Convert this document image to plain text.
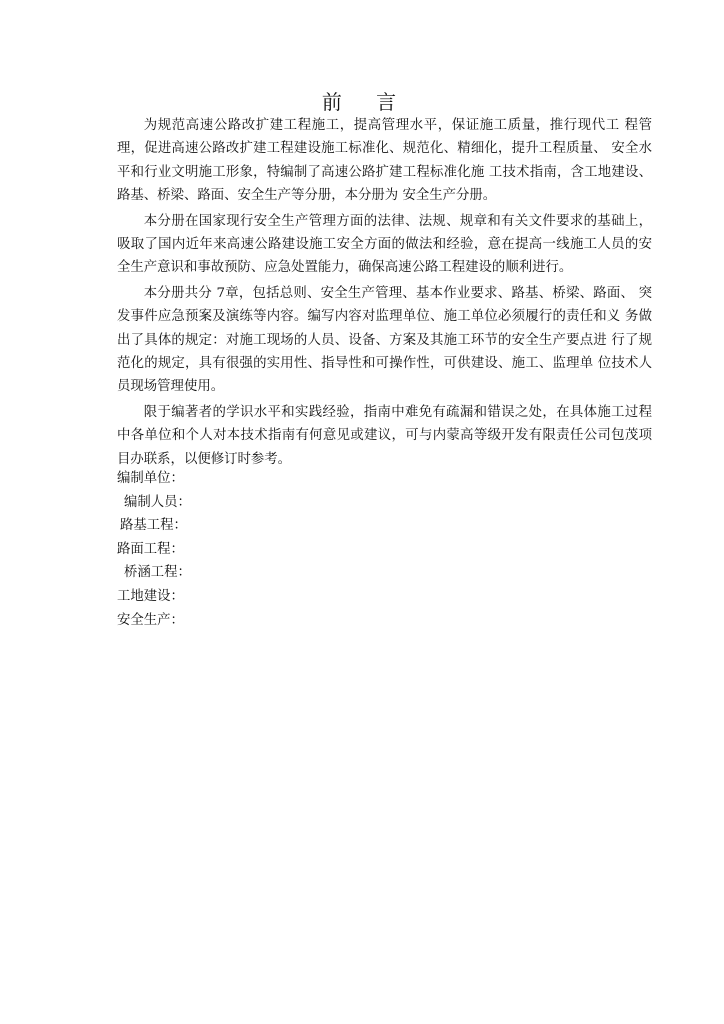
前 言

为规范高速公路改扩建工程施工，提高管理水平，保证施工质量，推行现代工 程管理，促进高速公路改扩建工程建设施工标准化、规范化、精细化，提升工程质量、 安全水平和行业文明施工形象，特编制了高速公路扩建工程标准化施 工技术指南，含工地建设、路基、桥梁、路面、安全生产等分册，本分册为 安全生产分册。

本分册在国家现行安全生产管理方面的法律、法规、规章和有关文件要求的基础上，吸取了国内近年来高速公路建设施工安全方面的做法和经验，意在提高一线施工人员的安全生产意识和事故预防、应急处置能力，确保高速公路工程建设的顺利进行。

本分册共分 7章，包括总则、安全生产管理、基本作业要求、路基、桥梁、路面、 突发事件应急预案及演练等内容。编写内容对监理单位、施工单位必须履行的责任和义 务做出了具体的规定：对施工现场的人员、设备、方案及其施工环节的安全生产要点进 行了规范化的规定，具有很强的实用性、指导性和可操作性，可供建设、施工、监理单 位技术人员现场管理使用。

限于编著者的学识水平和实践经验，指南中难免有疏漏和错误之处，在具体施工过程中各单位和个人对本技术指南有何意见或建议，可与内蒙高等级开发有限责任公司包茂项目办联系，以便修订时参考。

编制单位：
编制人员：
路基工程：
路面工程：
桥涵工程：
工地建设：
安全生产：
